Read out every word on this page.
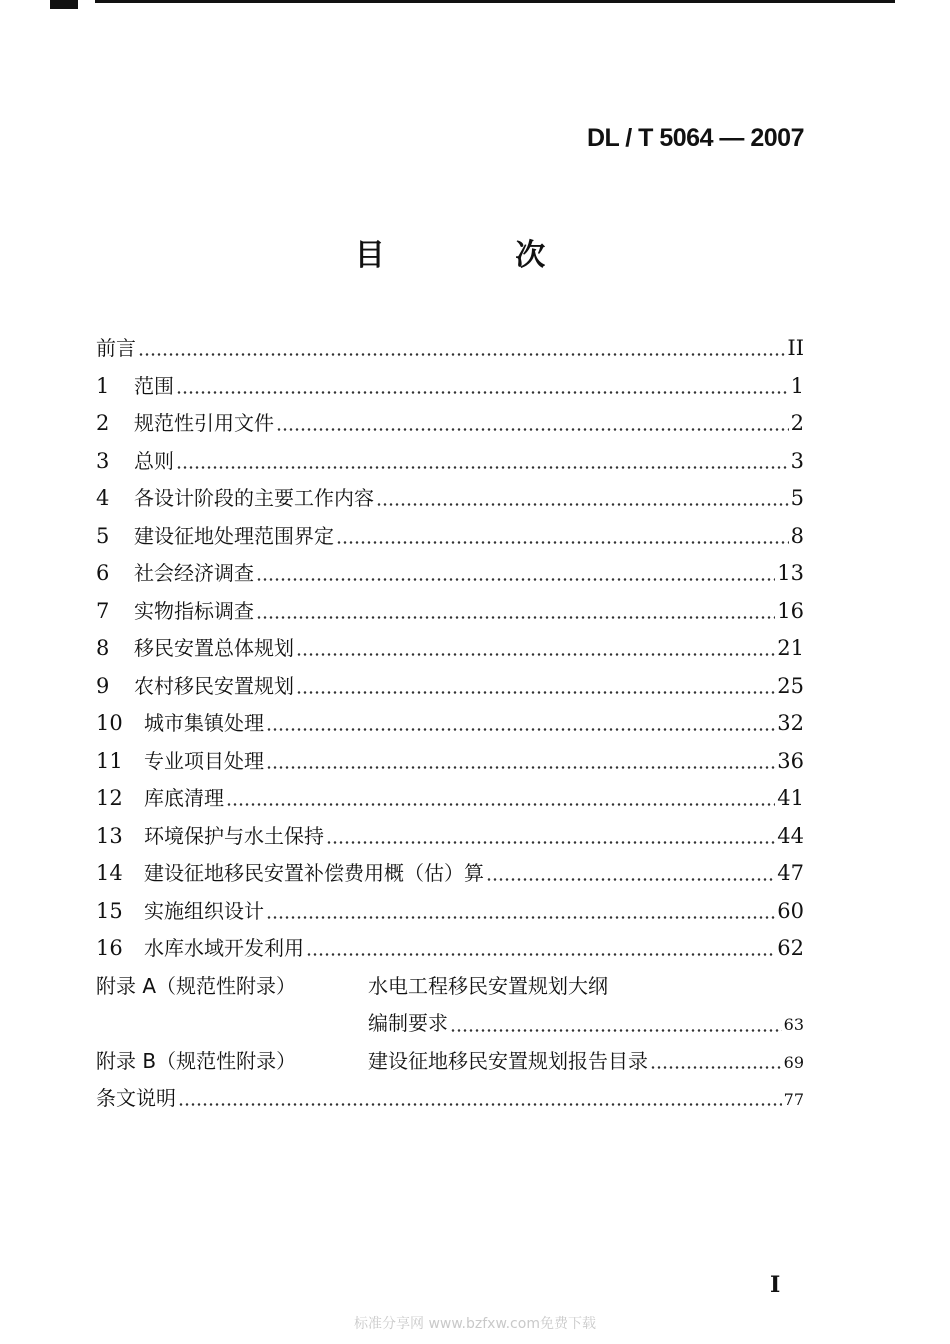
DL / T 5064 — 2007
目 次
前言	II
1	范围	1
2	规范性引用文件	2
3	总则	3
4	各设计阶段的主要工作内容	5
5	建设征地处理范围界定	8
6	社会经济调查	13
7	实物指标调查	16
8	移民安置总体规划	21
9	农村移民安置规划	25
10	城市集镇处理	32
11	专业项目处理	36
12	库底清理	41
13	环境保护与水土保持	44
14	建设征地移民安置补偿费用概（估）算	47
15	实施组织设计	60
16	水库水域开发利用	62
附录 A（规范性附录）	水电工程移民安置规划大纲
编制要求	63
附录 B（规范性附录）	建设征地移民安置规划报告目录	69
条文说明	77
I
标准分享网 www.bzfxw.com免费下载
